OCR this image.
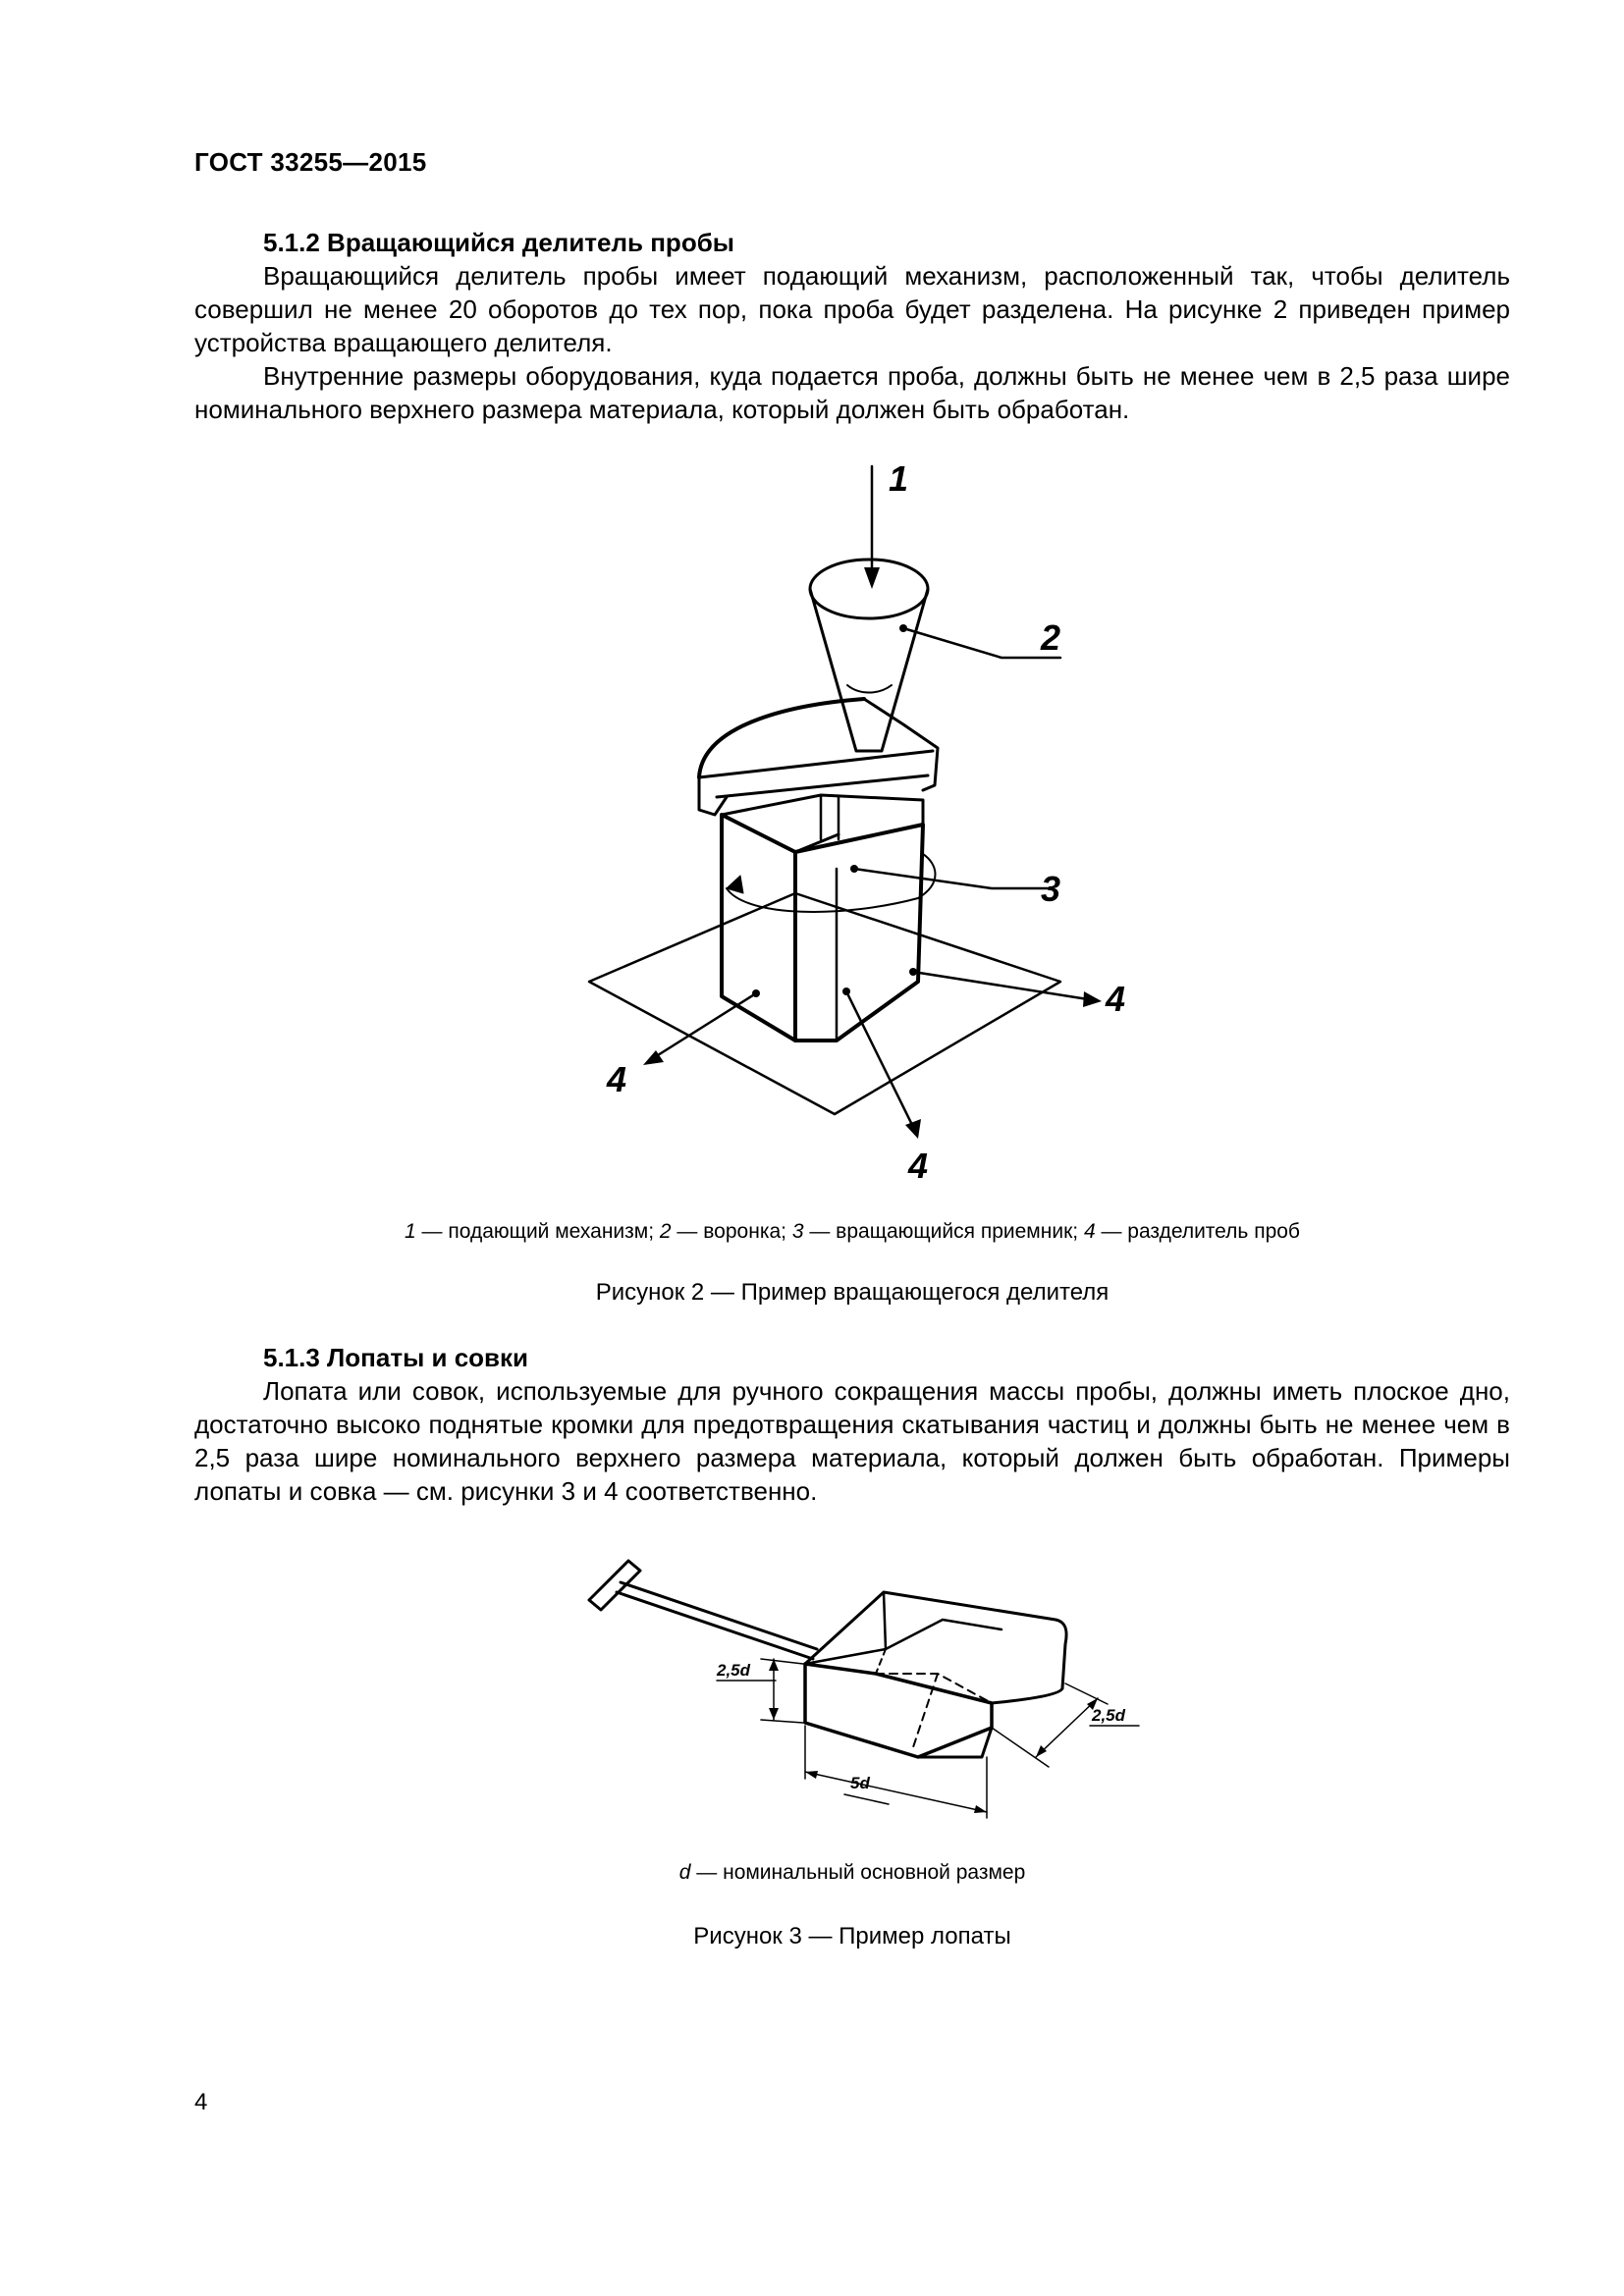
ГОСТ 33255—2015
5.1.2 Вращающийся делитель пробы
Вращающийся делитель пробы имеет подающий механизм, расположенный так, чтобы делитель совершил не менее 20 оборотов до тех пор, пока проба будет разделена. На рисунке 2 приведен пример устройства вращающего делителя.
Внутренние размеры оборудования, куда подается проба, должны быть не менее чем в 2,5 раза шире номинального верхнего размера материала, который должен быть обработан.
1
2
3
4
4
4
1 — подающий механизм; 2 — воронка; 3 — вращающийся приемник; 4 — разделитель проб
Рисунок 2 — Пример вращающегося делителя
5.1.3 Лопаты и совки
Лопата или совок, используемые для ручного сокращения массы пробы, должны иметь плоское дно, достаточно высоко поднятые кромки для предотвращения скатывания частиц и должны быть не менее чем в 2,5 раза шире номинального верхнего размера материала, который должен быть обработан. Примеры лопаты и совка — см. рисунки 3 и 4 соответственно.
2,5d
2,5d
5d
d — номинальный основной размер
Рисунок 3 — Пример лопаты
4
